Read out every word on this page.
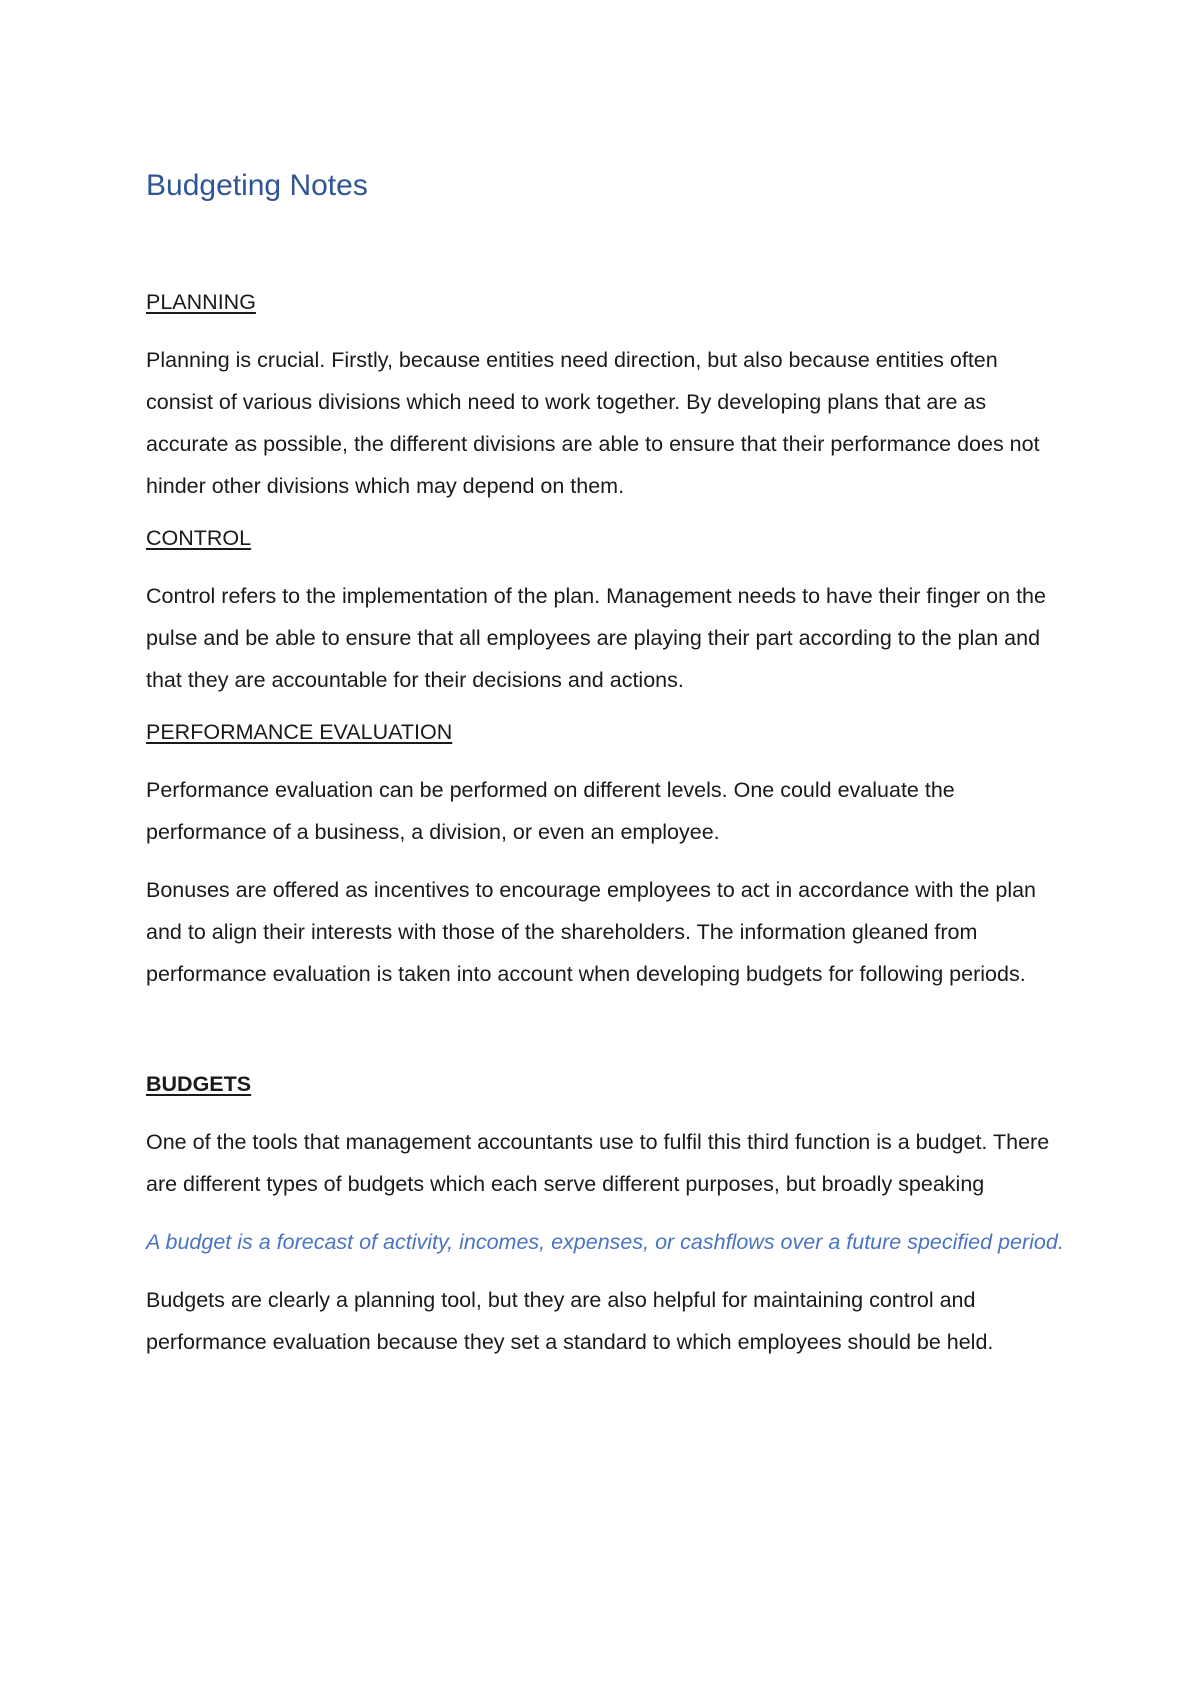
Budgeting Notes
PLANNING

Planning is crucial. Firstly, because entities need direction, but also because entities often consist of various divisions which need to work together. By developing plans that are as accurate as possible, the different divisions are able to ensure that their performance does not hinder other divisions which may depend on them.

CONTROL

Control refers to the implementation of the plan. Management needs to have their finger on the pulse and be able to ensure that all employees are playing their part according to the plan and that they are accountable for their decisions and actions.

PERFORMANCE EVALUATION

Performance evaluation can be performed on different levels. One could evaluate the performance of a business, a division, or even an employee.

Bonuses are offered as incentives to encourage employees to act in accordance with the plan and to align their interests with those of the shareholders. The information gleaned from performance evaluation is taken into account when developing budgets for following periods.

BUDGETS

One of the tools that management accountants use to fulfil this third function is a budget. There are different types of budgets which each serve different purposes, but broadly speaking

A budget is a forecast of activity, incomes, expenses, or cashflows over a future specified period.

Budgets are clearly a planning tool, but they are also helpful for maintaining control and performance evaluation because they set a standard to which employees should be held.
